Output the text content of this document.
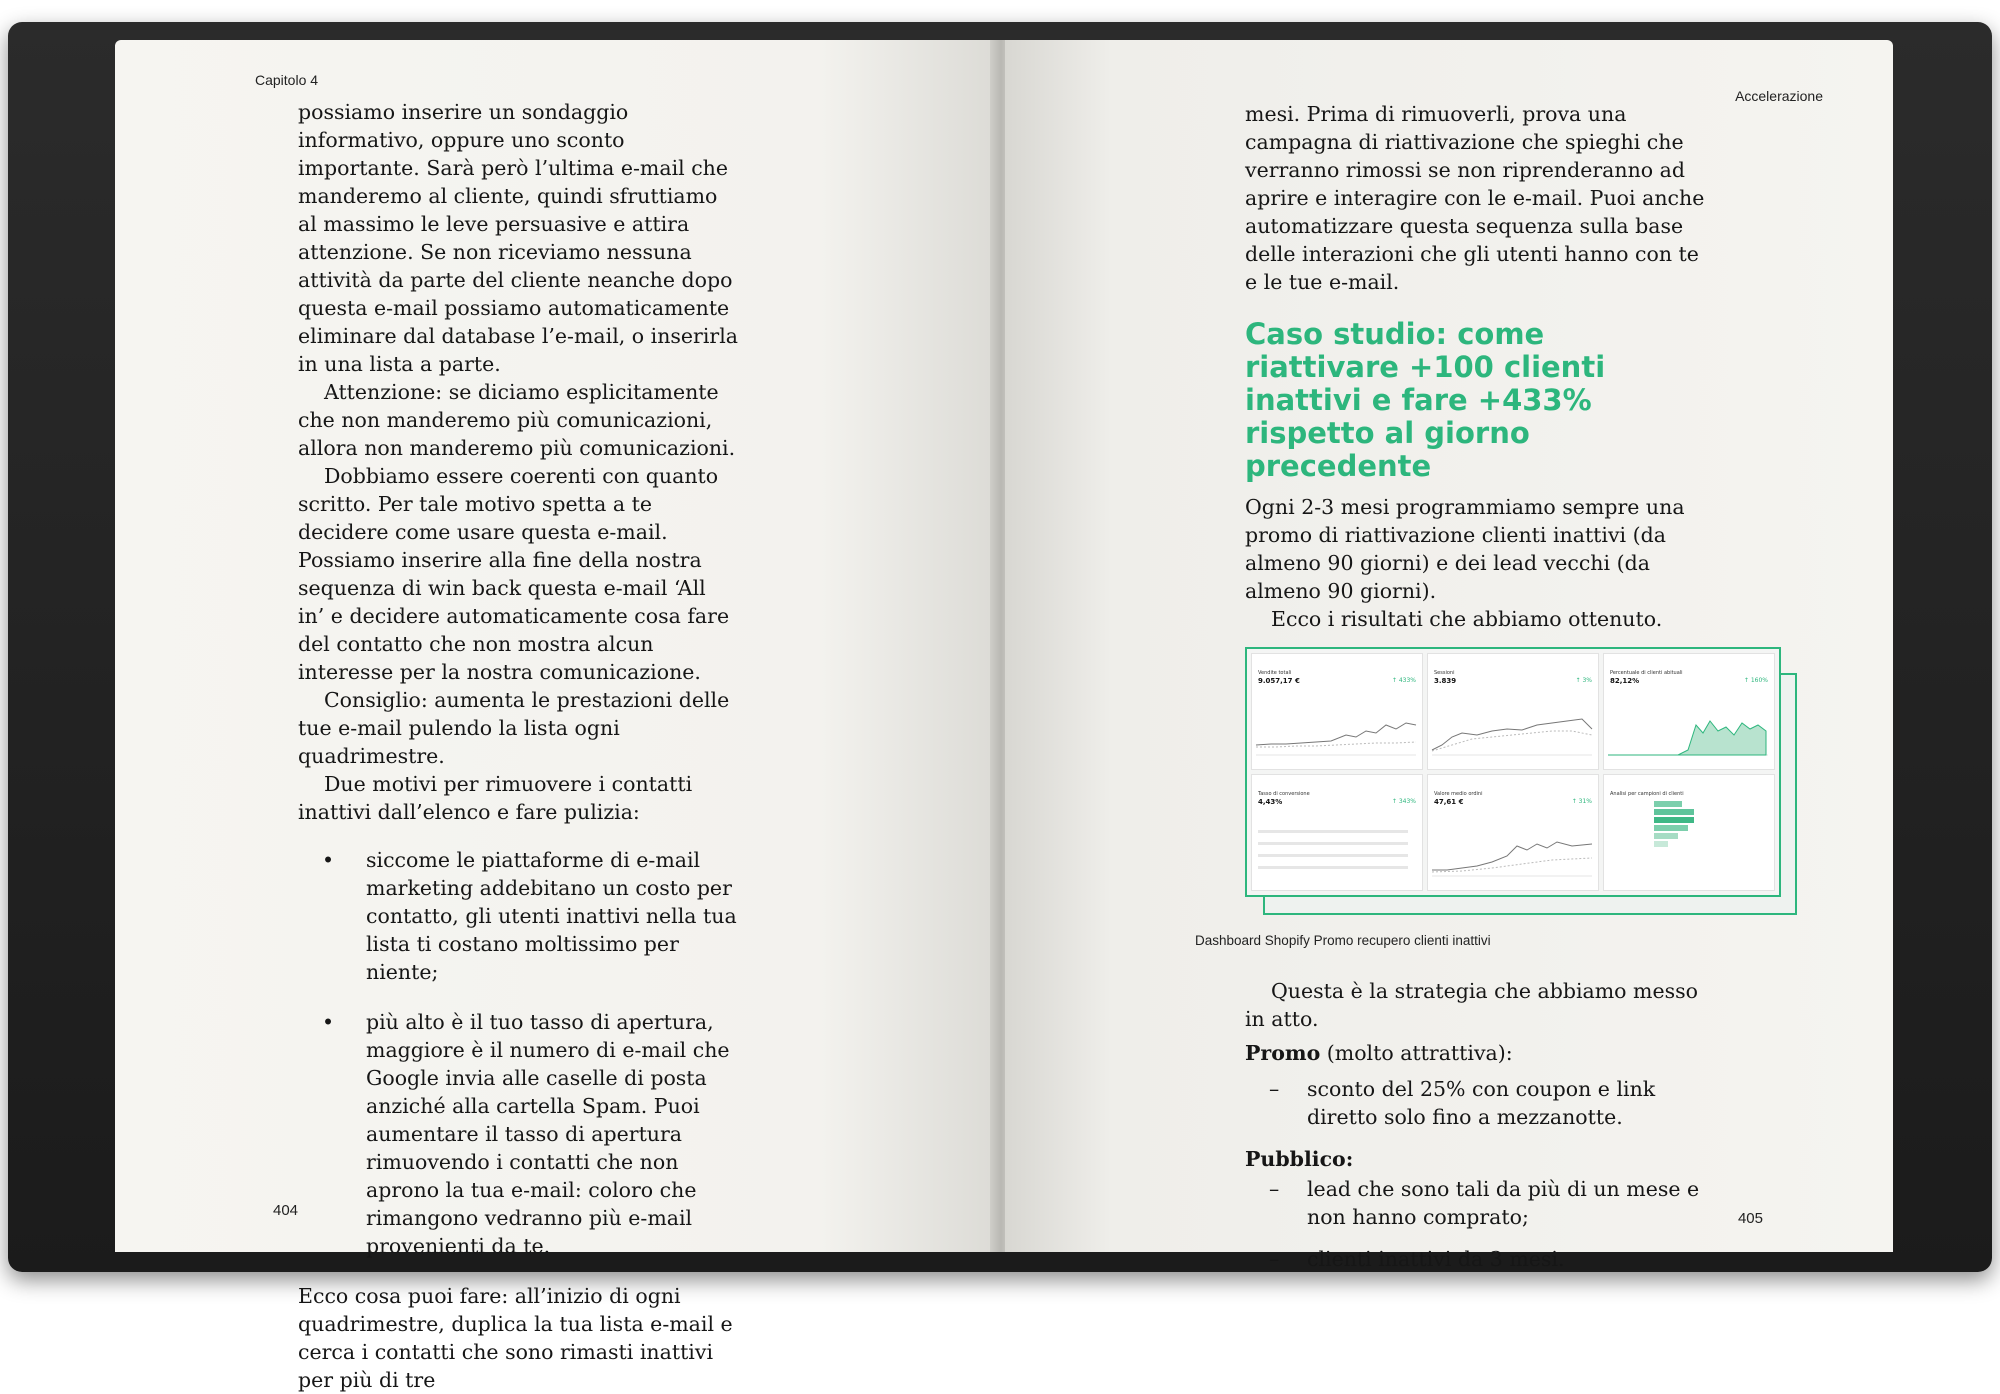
Capitolo 4

possiamo inserire un sondaggio informativo, oppure uno sconto importante. Sarà però l’ultima e-mail che manderemo al cliente, quindi sfruttiamo al massimo le leve persuasive e attira attenzione. Se non riceviamo nessuna attività da parte del cliente neanche dopo questa e-mail possiamo automaticamente eliminare dal database l’e-mail, o inserirla in una lista a parte.

Attenzione: se diciamo esplicitamente che non manderemo più comunicazioni, allora non manderemo più comunicazioni.

Dobbiamo essere coerenti con quanto scritto. Per tale motivo spetta a te decidere come usare questa e-mail. Possiamo inserire alla fine della nostra sequenza di win back questa e-mail ‘All in’ e decidere automaticamente cosa fare del contatto che non mostra alcun interesse per la nostra comunicazione.

Consiglio: aumenta le prestazioni delle tue e-mail pulendo la lista ogni quadrimestre.

Due motivi per rimuovere i contatti inattivi dall’elenco e fare pulizia:

• siccome le piattaforme di e-mail marketing addebitano un costo per contatto, gli utenti inattivi nella tua lista ti costano moltissimo per niente;
• più alto è il tuo tasso di apertura, maggiore è il numero di e-mail che Google invia alle caselle di posta anziché alla cartella Spam. Puoi aumentare il tasso di apertura rimuovendo i contatti che non aprono la tua e-mail: coloro che rimangono vedranno più e-mail provenienti da te.

Ecco cosa puoi fare: all’inizio di ogni quadrimestre, duplica la tua lista e-mail e cerca i contatti che sono rimasti inattivi per più di tre

404
Accelerazione

mesi. Prima di rimuoverli, prova una campagna di riattivazione che spieghi che verranno rimossi se non riprenderanno ad aprire e interagire con le e-mail. Puoi anche automatizzare questa sequenza sulla base delle interazioni che gli utenti hanno con te e le tue e-mail.

Caso studio: come riattivare +100 clienti inattivi e fare +433% rispetto al giorno precedente

Ogni 2-3 mesi programmiamo sempre una promo di riattivazione clienti inattivi (da almeno 90 giorni) e dei lead vecchi (da almeno 90 giorni).

Ecco i risultati che abbiamo ottenuto.

Vendite totali
9.057,17 €	↑ 433%
Sessioni
3.839	↑ 3%
Percentuale di clienti abituali
82,12%	↑ 160%
Tasso di conversione
4,43%	↑ 343%
Valore medio ordini
47,61 €	↑ 31%
Analisi per campioni di clienti
Dashboard Shopify Promo recupero clienti inattivi

Questa è la strategia che abbiamo messo in atto.

Promo (molto attrattiva):

– sconto del 25% con coupon e link diretto solo fino a mezzanotte.

Pubblico:

– lead che sono tali da più di un mese e non hanno comprato;
– clienti inattivi da 3 mesi.
405
